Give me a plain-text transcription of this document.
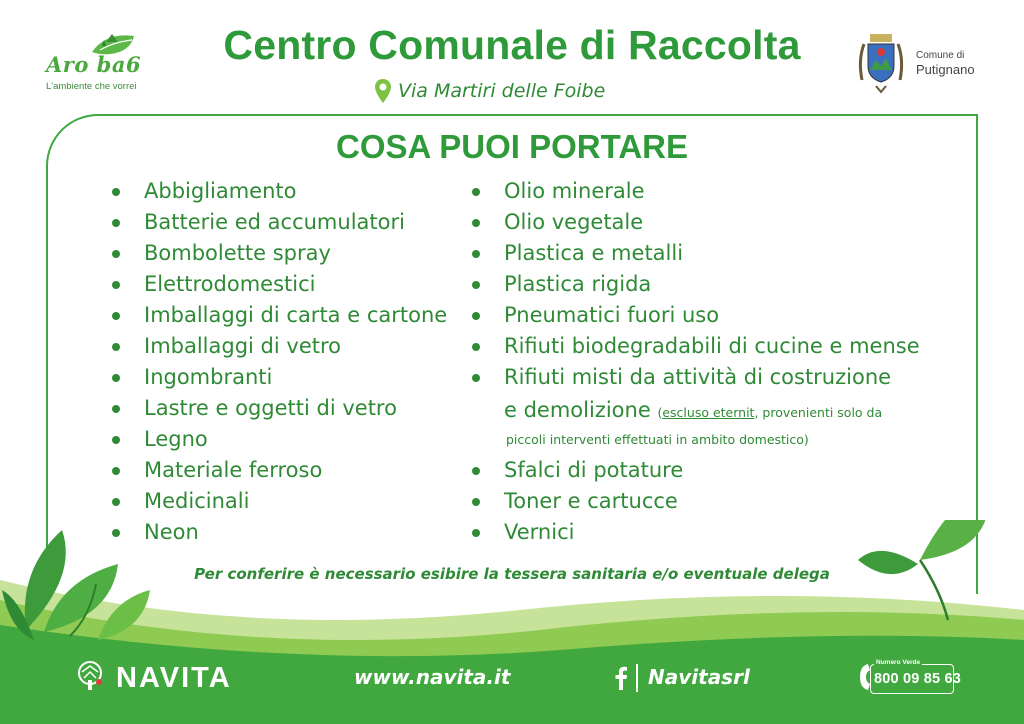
Aro ba6
L'ambiente che vorrei
Centro Comunale di Raccolta
Via Martiri delle Foibe
Comune di
Putignano
COSA PUOI PORTARE
Abbigliamento
Batterie ed accumulatori
Bombolette spray
Elettrodomestici
Imballaggi di carta e cartone
Imballaggi di vetro
Ingombranti
Lastre e oggetti di vetro
Legno
Materiale ferroso
Medicinali
Neon
Olio minerale
Olio vegetale
Plastica e metalli
Plastica rigida
Pneumatici fuori uso
Rifiuti biodegradabili di cucine e mense
Rifiuti misti da attività di costruzione
e demolizione (escluso eternit, provenienti solo da
piccoli interventi effettuati in ambito domestico)
Sfalci di potature
Toner e cartucce
Vernici
Per conferire è necessario esibire la tessera sanitaria e/o eventuale delega
NAVITA	www.navita.it	Navitasrl
Numero Verde
800 09 85 63
